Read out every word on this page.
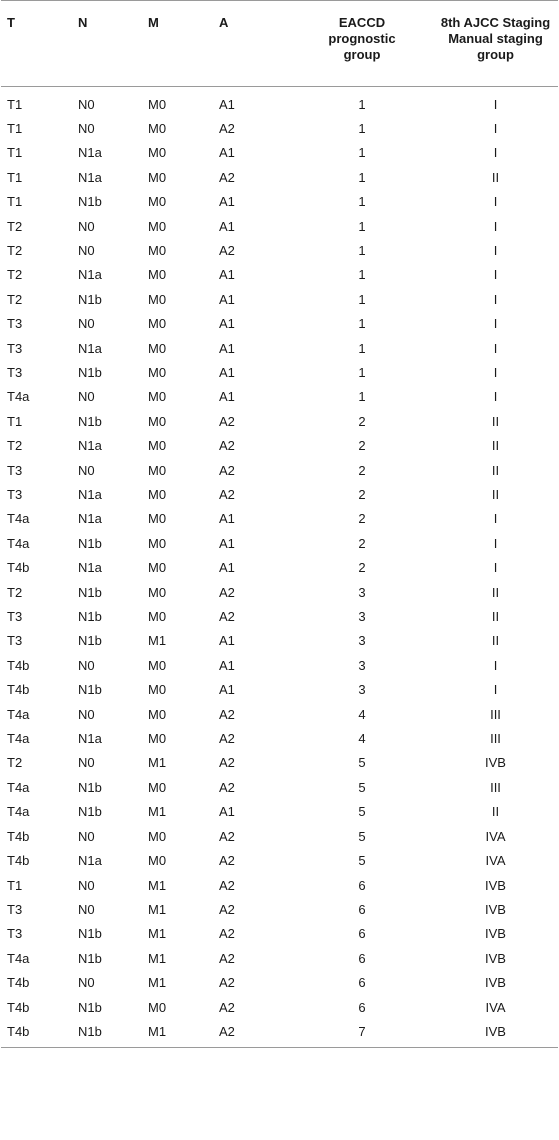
T	N	M	A	EACCD prognostic group	8th AJCC Staging Manual staging group

T1	N0	M0	A1	1	I
T1	N0	M0	A2	1	I
T1	N1a	M0	A1	1	I
T1	N1a	M0	A2	1	II
T1	N1b	M0	A1	1	I
T2	N0	M0	A1	1	I
T2	N0	M0	A2	1	I
T2	N1a	M0	A1	1	I
T2	N1b	M0	A1	1	I
T3	N0	M0	A1	1	I
T3	N1a	M0	A1	1	I
T3	N1b	M0	A1	1	I
T4a	N0	M0	A1	1	I
T1	N1b	M0	A2	2	II
T2	N1a	M0	A2	2	II
T3	N0	M0	A2	2	II
T3	N1a	M0	A2	2	II
T4a	N1a	M0	A1	2	I
T4a	N1b	M0	A1	2	I
T4b	N1a	M0	A1	2	I
T2	N1b	M0	A2	3	II
T3	N1b	M0	A2	3	II
T3	N1b	M1	A1	3	II
T4b	N0	M0	A1	3	I
T4b	N1b	M0	A1	3	I
T4a	N0	M0	A2	4	III
T4a	N1a	M0	A2	4	III
T2	N0	M1	A2	5	IVB
T4a	N1b	M0	A2	5	III
T4a	N1b	M1	A1	5	II
T4b	N0	M0	A2	5	IVA
T4b	N1a	M0	A2	5	IVA
T1	N0	M1	A2	6	IVB
T3	N0	M1	A2	6	IVB
T3	N1b	M1	A2	6	IVB
T4a	N1b	M1	A2	6	IVB
T4b	N0	M1	A2	6	IVB
T4b	N1b	M0	A2	6	IVA
T4b	N1b	M1	A2	7	IVB
